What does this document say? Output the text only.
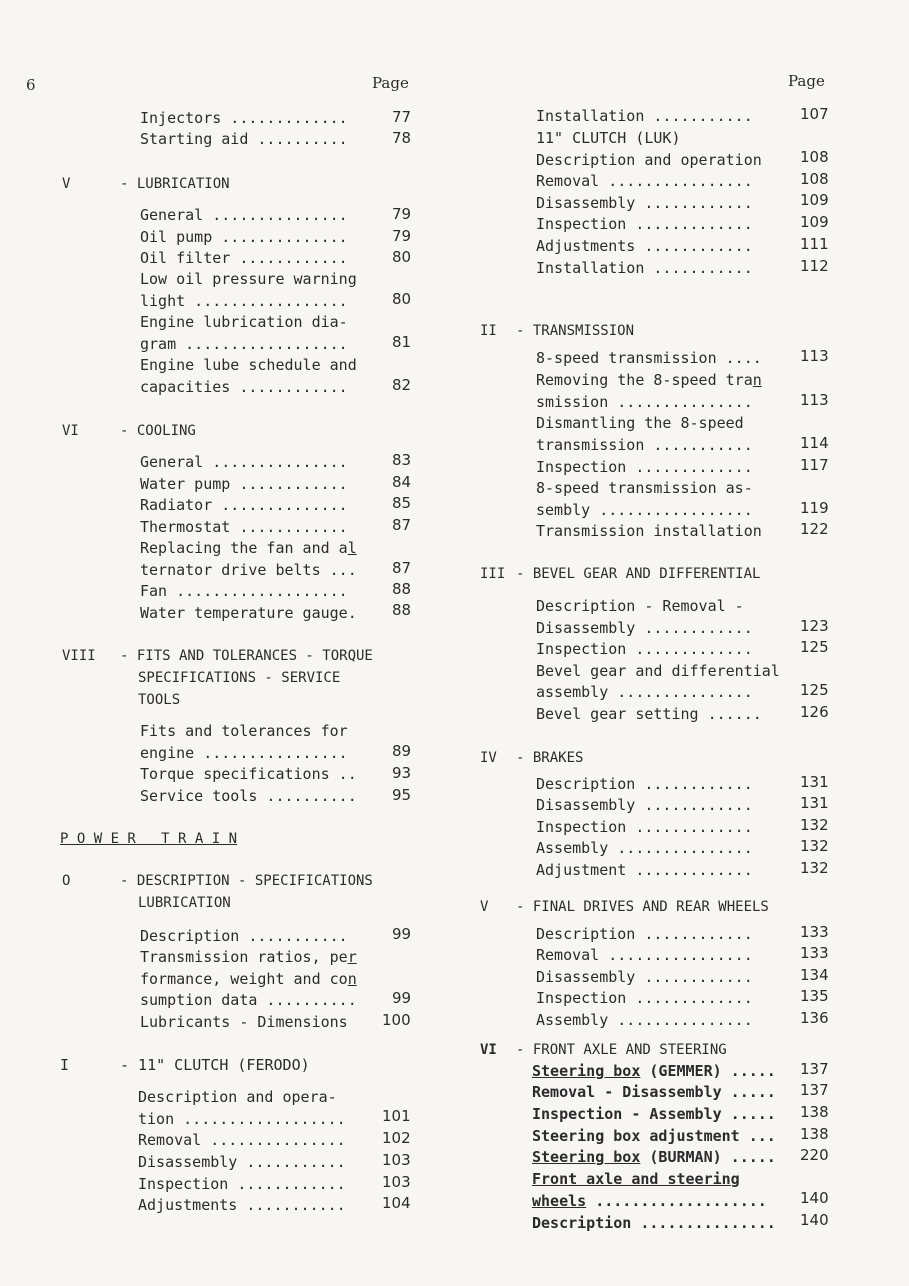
6	Page	Page
Injectors ............. 77
Starting aid .......... 78
V	- LUBRICATION
General ............... 79
Oil pump .............. 79
Oil filter ............ 80
Low oil pressure warning
light ................. 80
Engine lubrication dia-
gram .................. 81
Engine lube schedule and
capacities ............ 82
VI	- COOLING
General ............... 83
Water pump ............ 84
Radiator .............. 85
Thermostat ............ 87
Replacing the fan and al
ternator drive belts ... 87
Fan ................... 88
Water temperature gauge. 88
VIII - FITS AND TOLERANCES - TORQUE
SPECIFICATIONS - SERVICE
TOOLS
Fits and tolerances for
engine ................ 89
Torque specifications .. 93
Service tools .......... 95
P O W E R   T R A I N
O	- DESCRIPTION - SPECIFICATIONS
LUBRICATION
Description ........... 99
Transmission ratios, per
formance, weight and con
sumption data .......... 99
Lubricants - Dimensions 100
I	- 11" CLUTCH (FERODO)
Description and opera-
tion .................. 101
Removal ............... 102
Disassembly ........... 103
Inspection ............ 103
Adjustments ........... 104
Installation ...........	107
11" CLUTCH (LUK)
Description and operation 108
Removal ................	108
Disassembly ............	109
Inspection .............	109
Adjustments ............	111
Installation ...........	112
II - TRANSMISSION
8-speed transmission .... 113
Removing the 8-speed tran
smission ...............	113
Dismantling the 8-speed
transmission ...........	114
Inspection .............	117
8-speed transmission as-
sembly .................	119
Transmission installation 122
III - BEVEL GEAR AND DIFFERENTIAL
Description - Removal -
Disassembly ............	123
Inspection .............	125
Bevel gear and differential
assembly ...............	125
Bevel gear setting ...... 126
IV - BRAKES
Description ............	131
Disassembly ............	131
Inspection .............	132
Assembly ...............	132
Adjustment .............	132
V - FINAL DRIVES AND REAR WHEELS
Description ............	133
Removal ................	133
Disassembly ............	134
Inspection .............	135
Assembly ...............	136
VI - FRONT AXLE AND STEERING
Steering box (GEMMER) ..... 137
Removal - Disassembly ..... 137
Inspection - Assembly ..... 138
Steering box adjustment ... 138
Steering box (BURMAN) ..... 220
Front axle and steering
wheels ................... 140
Description ............... 140
